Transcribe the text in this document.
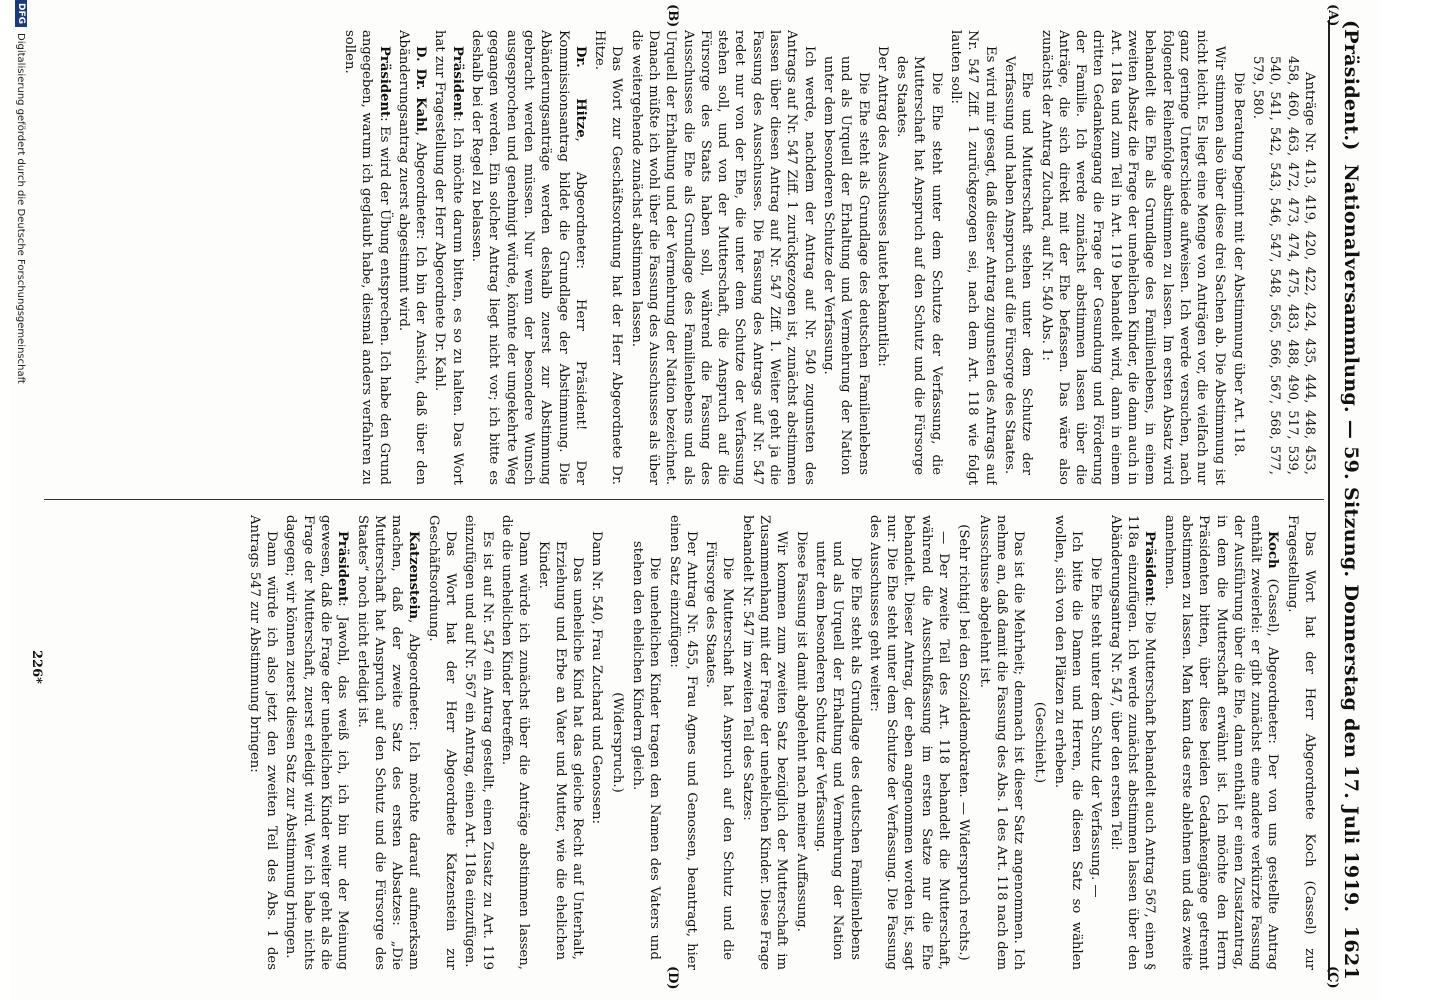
(Präsident.)
Nationalversammlung. — 59. Sitzung. Donnerstag den 17. Juli 1919.
1621
(A)
(B)
(C)
(D)

Anträge Nr. 413, 419, 420, 422, 424, 435, 444, 448, 453, 458, 460, 463, 472, 473, 474, 475, 483, 488, 490, 517, 539, 540, 541, 542, 543, 546, 547, 548, 565, 566, 567, 568, 577, 579, 580.

Die Beratung beginnt mit der Abstimmung über Art. 118.

Wir stimmen also über diese drei Sachen ab. Die Abstimmung ist nicht leicht. Es liegt eine Menge von Anträgen vor, die vielfach nur ganz geringe Unterschiede aufweisen. Ich werde versuchen, nach folgender Reihenfolge abstimmen zu lassen. Im ersten Absatz wird behandelt die Ehe als Grundlage des Familienlebens, in einem zweiten Absatz die Frage der unehelichen Kinder, die dann auch in Art. 118a und zum Teil in Art. 119 behandelt wird, dann in einem dritten Gedankengang die Frage der Gesundung und Förderung der Familie. Ich werde zunächst abstimmen lassen über die Anträge, die sich direkt mit der Ehe befassen. Das wäre also zunächst der Antrag Zuchard, auf Nr. 540 Abs. 1:

Ehe und Mutterschaft stehen unter dem Schutze der Verfassung und haben Anspruch auf die Fürsorge des Staates.

Es wird mir gesagt, daß dieser Antrag zugunsten des Antrags auf Nr. 547 Ziff. 1 zurückgezogen sei, nach dem Art. 118 wie folgt lauten soll:

Die Ehe steht unter dem Schutze der Verfassung, die Mutterschaft hat Anspruch auf den Schutz und die Fürsorge des Staates.

Der Antrag des Ausschusses lautet bekanntlich:

Die Ehe steht als Grundlage des deutschen Familienlebens und als Urquell der Erhaltung und Vermehrung der Nation unter dem besonderen Schutze der Verfassung.

Ich werde, nachdem der Antrag auf Nr. 540 zugunsten des Antrags auf Nr. 547 Ziff. 1 zurückgezogen ist, zunächst abstimmen lassen über diesen Antrag auf Nr. 547 Ziff. 1. Weiter geht ja die Fassung des Ausschusses. Die Fassung des Antrags auf Nr. 547 redet nur von der Ehe, die unter dem Schutze der Verfassung stehen soll, und von der Mutterschaft, die Anspruch auf die Fürsorge des Staats haben soll, während die Fassung des Ausschusses die Ehe als Grundlage des Familienlebens und als Urquell der Erhaltung und der Vermehrung der Nation bezeichnet. Danach müßte ich wohl über die Fassung des Ausschusses als über die weitergehende zunächst abstimmen lassen.

Das Wort zur Geschäftsordnung hat der Herr Abgeordnete Dr. Hitze.

Dr. Hitze, Abgeordneter: Herr Präsident! Der Kommissionsantrag bildet die Grundlage der Abstimmung. Die Abänderungsanträge werden deshalb zuerst zur Abstimmung gebracht werden müssen. Nur wenn der besondere Wunsch ausgesprochen und genehmigt würde, könnte der umgekehrte Weg gegangen werden. Ein solcher Antrag liegt nicht vor; ich bitte es deshalb bei der Regel zu belassen.

Präsident: Ich möchte darum bitten, es so zu halten. Das Wort hat zur Fragestellung der Herr Abgeordnete Dr. Kahl.

D. Dr. Kahl, Abgeordneter: Ich bin der Ansicht, daß über den Abänderungsantrag zuerst abgestimmt wird.

Präsident: Es wird der Übung entsprechen. Ich habe den Grund angegeben, warum ich geglaubt habe, diesmal anders verfahren zu sollen.

Das Wort hat der Herr Abgeordnete Koch (Cassel) zur Fragestellung.

Koch (Cassel), Abgeordneter: Der von uns gestellte Antrag enthält zweierlei: er gibt zunächst eine andere verkürzte Fassung der Ausführung über die Ehe, dann enthält er einen Zusatzantrag, in dem die Mutterschaft erwähnt ist. Ich möchte den Herrn Präsidenten bitten, über diese beiden Gedankengänge getrennt abstimmen zu lassen. Man kann das erste ablehnen und das zweite annehmen.

Präsident: Die Mutterschaft behandelt auch Antrag 567, einen § 118a einzufügen. Ich werde zunächst abstimmen lassen über den Abänderungsantrag Nr. 547, über den ersten Teil:

Die Ehe steht unter dem Schutz der Verfassung. —

Ich bitte die Damen und Herren, die diesen Satz so wählen wollen, sich von den Plätzen zu erheben.

(Geschieht.)

Das ist die Mehrheit; demnach ist dieser Satz angenommen. Ich nehme an, daß damit die Fassung des Abs. 1 des Art. 118 nach dem Ausschusse abgelehnt ist.

(Sehr richtig! bei den Sozialdemokraten. — Widerspruch rechts.)

— Der zweite Teil des Art. 118 behandelt die Mutterschaft, während die Ausschußfassung im ersten Satze nur die Ehe behandelt. Dieser Antrag, der eben angenommen worden ist, sagt nur: Die Ehe steht unter dem Schutze der Verfassung. Die Fassung des Ausschusses geht weiter:

Die Ehe steht als Grundlage des deutschen Familienlebens und als Urquell der Erhaltung und Vermehrung der Nation unter dem besonderen Schutz der Verfassung.

Diese Fassung ist damit abgelehnt nach meiner Auffassung.

Wir kommen zum zweiten Satz bezüglich der Mutterschaft im Zusammenhang mit der Frage der unehelichen Kinder. Diese Frage behandelt Nr. 547 im zweiten Teil des Satzes:

Die Mutterschaft hat Anspruch auf den Schutz und die Fürsorge des Staates.

Der Antrag Nr. 455, Frau Agnes und Genossen, beantragt, hier einen Satz einzufügen:

Die unehelichen Kinder tragen den Namen des Vaters und stehen den ehelichen Kindern gleich.

(Widerspruch.)

Dann Nr. 540, Frau Zuchard und Genossen:

Das uneheliche Kind hat das gleiche Recht auf Unterhalt, Erziehung und Erbe an Vater und Mutter, wie die ehelichen Kinder.

Dann würde ich zunächst über die Anträge abstimmen lassen, die die unehelichen Kinder betreffen.

Es ist auf Nr. 547 ein Antrag gestellt, einen Zusatz zu Art. 119 einzufügen und auf Nr. 567 ein Antrag, einen Art. 118a einzufügen.

Das Wort hat der Herr Abgeordnete Katzenstein zur Geschäftsordnung.

Katzenstein, Abgeordneter: Ich möchte darauf aufmerksam machen, daß der zweite Satz des ersten Absatzes: „Die Mutterschaft hat Anspruch auf den Schutz und die Fürsorge des Staates“ noch nicht erledigt ist.

Präsident: Jawohl, das weiß ich, ich bin nur der Meinung gewesen, daß die Frage der unehelichen Kinder weiter geht als die Frage der Mutterschaft, zuerst erledigt wird. Wer ich habe nichts dagegen; wir können zuerst diesen Satz zur Abstimmung bringen.

Dann würde ich also jetzt den zweiten Teil des Abs. 1 des Antrags 547 zur Abstimmung bringen:

226*
DFG
Digitalisierung gefördert durch die Deutsche Forschungsgemeinschaft
